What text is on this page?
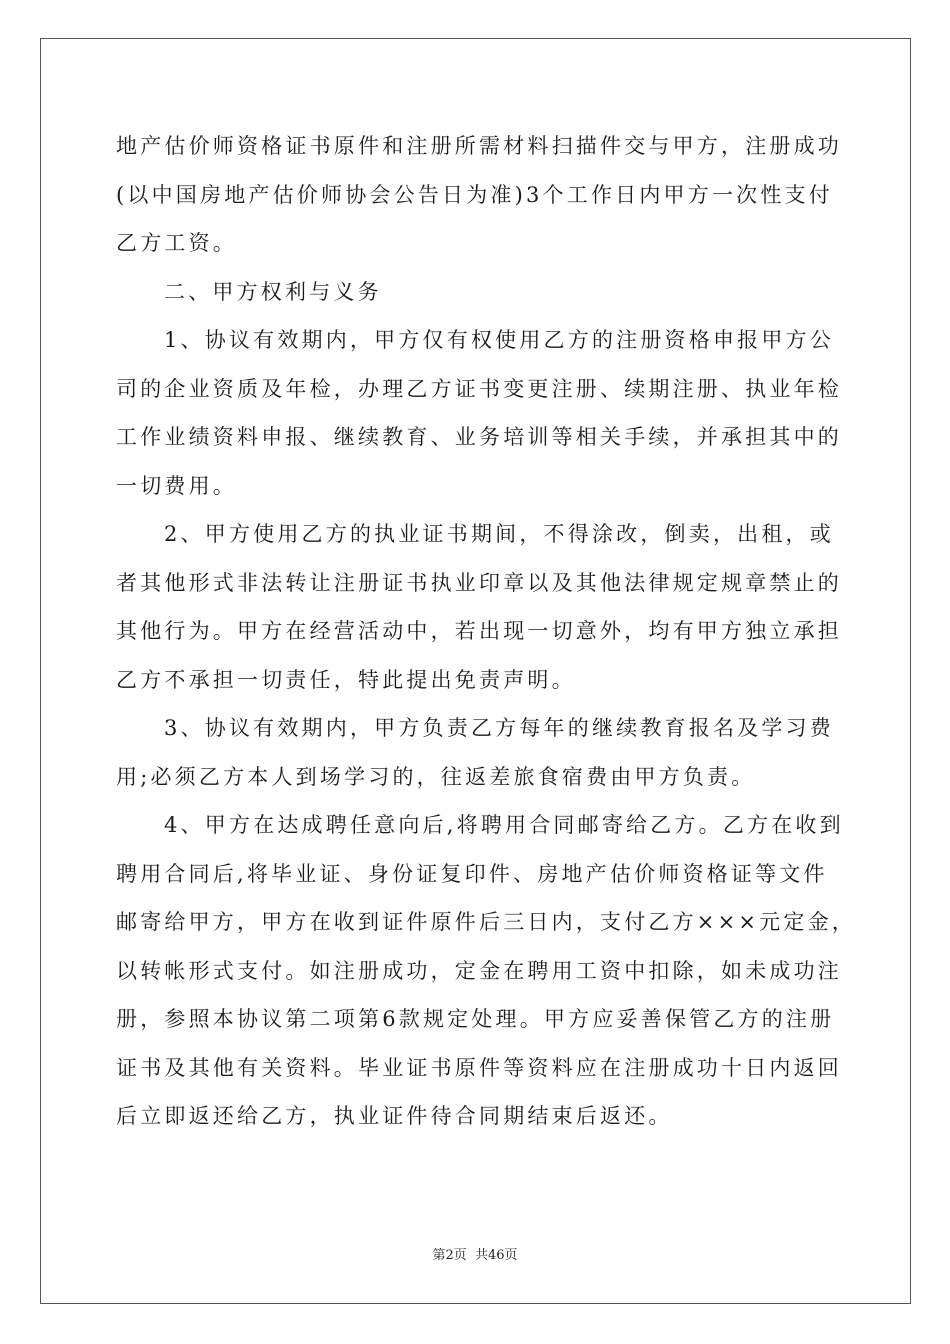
地产估价师资格证书原件和注册所需材料扫描件交与甲方，注册成功
(以中国房地产估价师协会公告日为准)3个工作日内甲方一次性支付
乙方工资。
二、甲方权利与义务
1、协议有效期内，甲方仅有权使用乙方的注册资格申报甲方公
司的企业资质及年检，办理乙方证书变更注册、续期注册、执业年检
工作业绩资料申报、继续教育、业务培训等相关手续，并承担其中的
一切费用。
2、甲方使用乙方的执业证书期间，不得涂改，倒卖，出租，或
者其他形式非法转让注册证书执业印章以及其他法律规定规章禁止的
其他行为。甲方在经营活动中，若出现一切意外，均有甲方独立承担
乙方不承担一切责任，特此提出免责声明。
3、协议有效期内，甲方负责乙方每年的继续教育报名及学习费
用;必须乙方本人到场学习的，往返差旅食宿费由甲方负责。
4、甲方在达成聘任意向后,将聘用合同邮寄给乙方。乙方在收到
聘用合同后,将毕业证、身份证复印件、房地产估价师资格证等文件
邮寄给甲方，甲方在收到证件原件后三日内，支付乙方×××元定金，
以转帐形式支付。如注册成功，定金在聘用工资中扣除，如未成功注
册，参照本协议第二项第6款规定处理。甲方应妥善保管乙方的注册
证书及其他有关资料。毕业证书原件等资料应在注册成功十日内返回
后立即返还给乙方，执业证件待合同期结束后返还。
第2页 共46页
